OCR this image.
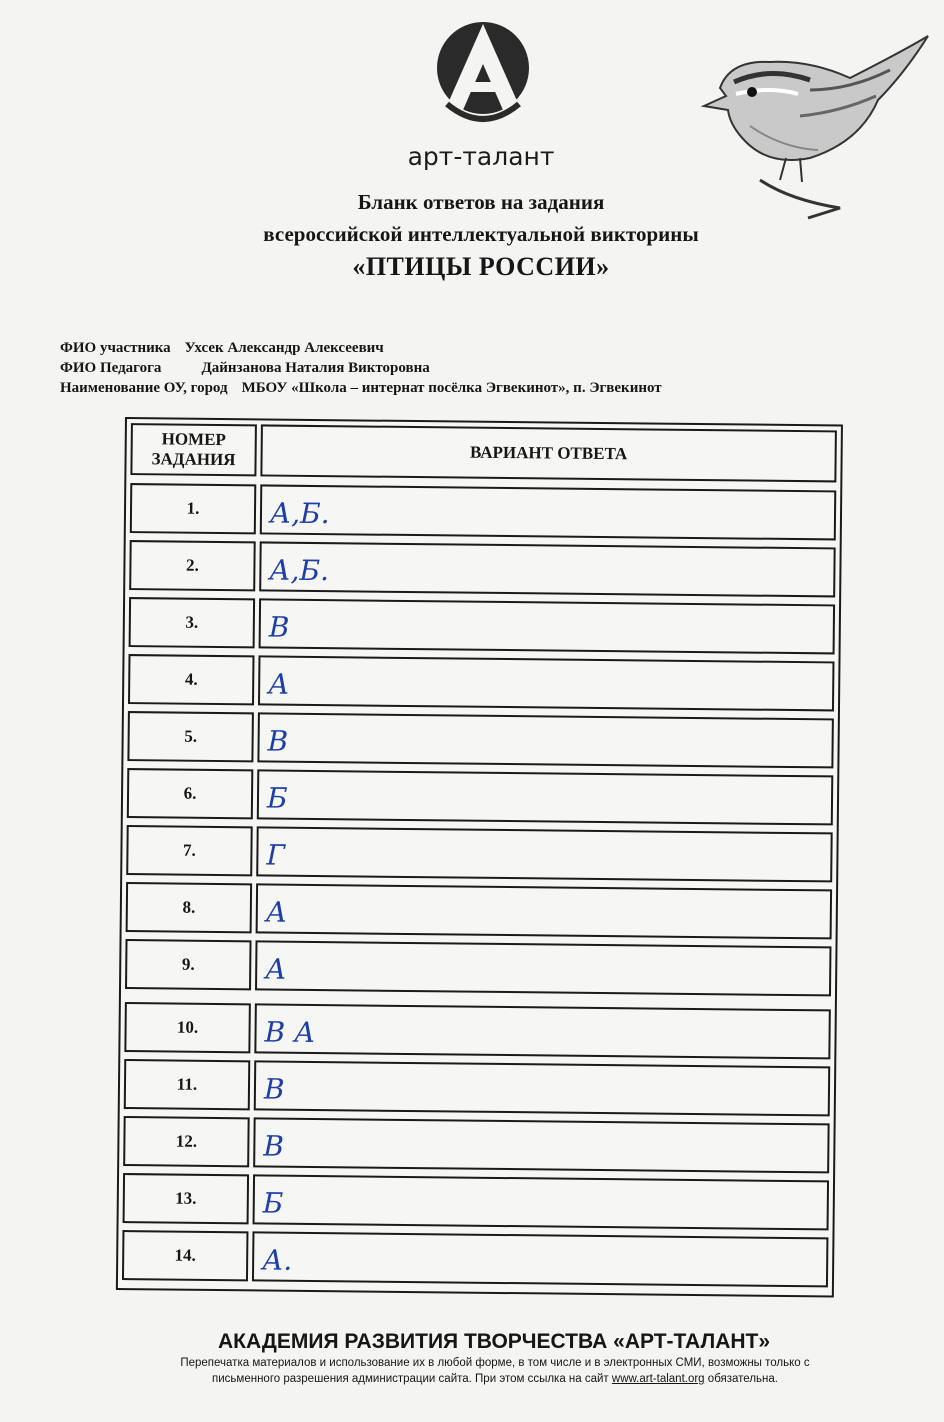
арт-талант
Бланк ответов на задания
всероссийской интеллектуальной викторины
«ПТИЦЫ РОССИИ»
ФИО участника Ухсек Александр Алексеевич
ФИО Педагога	Дайнзанова Наталия Викторовна
Наименование ОУ, город МБОУ «Школа – интернат посёлка Эгвекинот», п. Эгвекинот
НОМЕР ЗАДАНИЯ	ВАРИАНТ ОТВЕТА
1.	А,Б.
2.	А,Б.
3.	В
4.	А
5.	В
6.	Б
7.	Г
8.	А
9.	А
10.	В А
11.	В
12.	В
13.	Б
14.	А.
АКАДЕМИЯ РАЗВИТИЯ ТВОРЧЕСТВА «АРТ-ТАЛАНТ»
Перепечатка материалов и использование их в любой форме, в том числе и в электронных СМИ, возможны только с
письменного разрешения администрации сайта. При этом ссылка на сайт www.art-talant.org обязательна.
